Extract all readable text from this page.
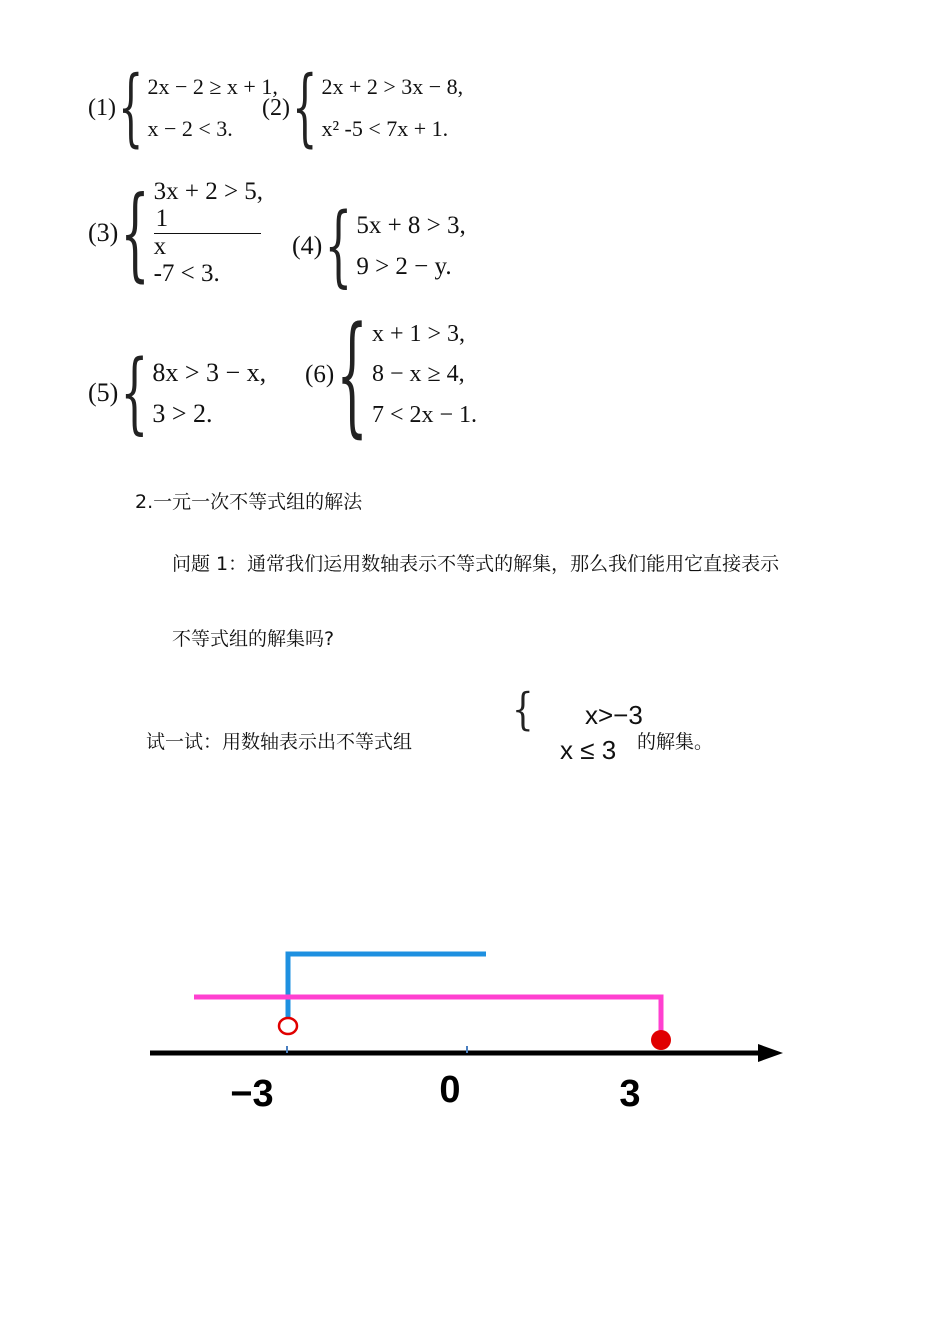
(1) { 2x − 2 ≥ x + 1,
x − 2 < 3.
(2) { 2x + 2 > 3x − 8,
x² -5 < 7x + 1.
(3) { 3x + 2 > 5,
1
x
-7 < 3.
(4) { 5x + 8 > 3,
9 > 2 − y.
(5) { 8x > 3 − x,
3 > 2.
(6) { x + 1 > 3,
8 − x ≥ 4,
7 < 2x − 1.
2.一元一次不等式组的解法
问题 1：通常我们运用数轴表示不等式的解集，那么我们能用它直接表示
不等式组的解集吗?
试一试：用数轴表示出不等式组
{ x>−3
x ≤ 3 的解集。
−3	0	3
